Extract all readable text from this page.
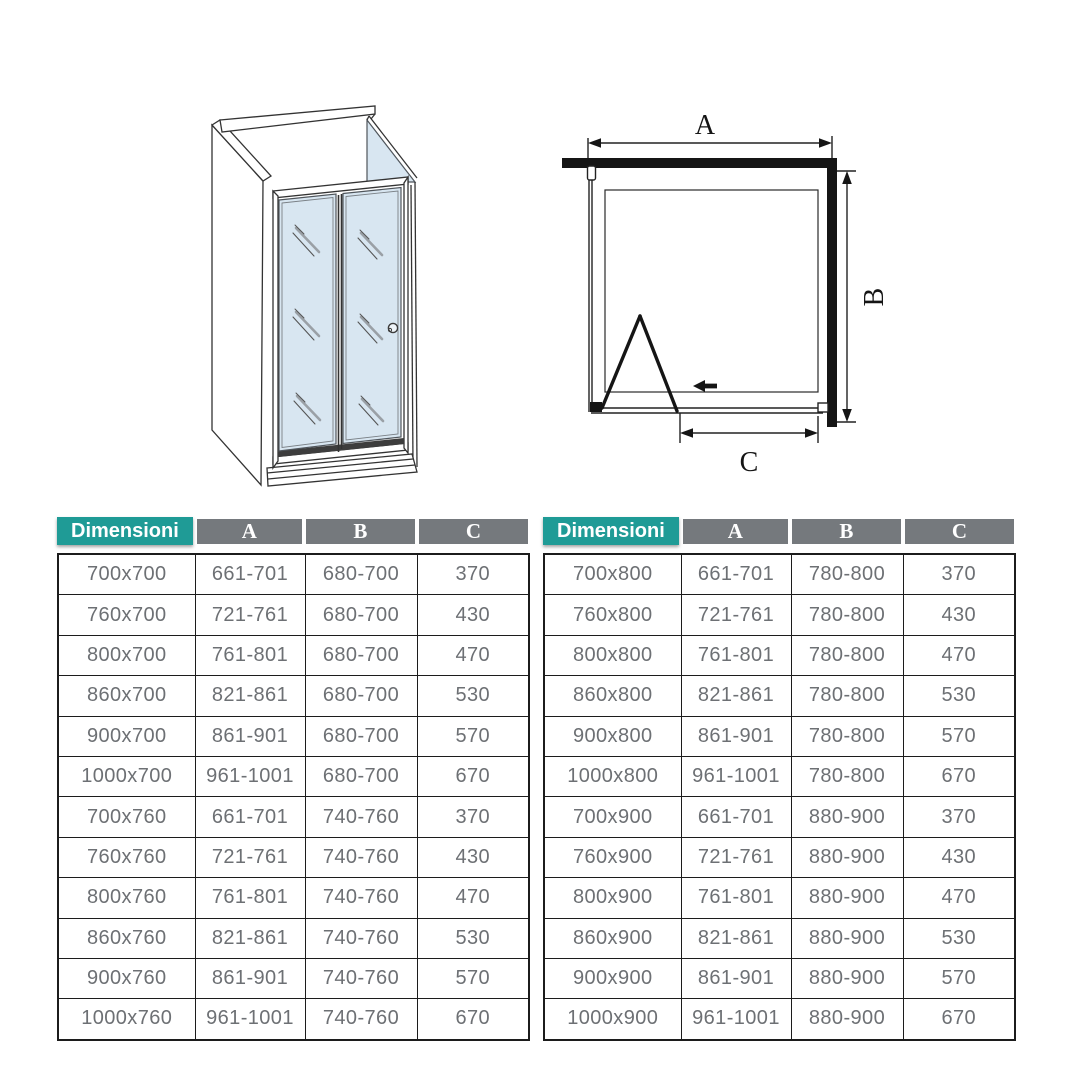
A
B
C
Dimensioni	A	B	C
700x700	661-701	680-700	370
760x700	721-761	680-700	430
800x700	761-801	680-700	470
860x700	821-861	680-700	530
900x700	861-901	680-700	570
1000x700	961-1001	680-700	670
700x760	661-701	740-760	370
760x760	721-761	740-760	430
800x760	761-801	740-760	470
860x760	821-861	740-760	530
900x760	861-901	740-760	570
1000x760	961-1001	740-760	670
Dimensioni	A	B	C
700x800	661-701	780-800	370
760x800	721-761	780-800	430
800x800	761-801	780-800	470
860x800	821-861	780-800	530
900x800	861-901	780-800	570
1000x800	961-1001	780-800	670
700x900	661-701	880-900	370
760x900	721-761	880-900	430
800x900	761-801	880-900	470
860x900	821-861	880-900	530
900x900	861-901	880-900	570
1000x900	961-1001	880-900	670
